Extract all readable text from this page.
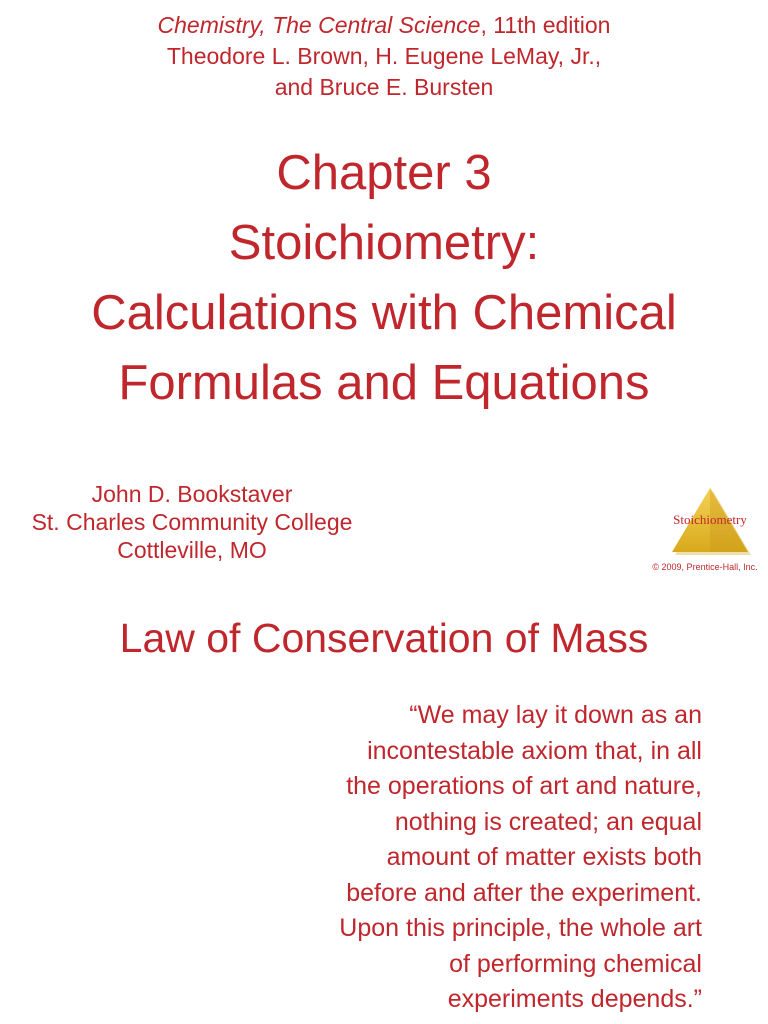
Chemistry, The Central Science, 11th edition
Theodore L. Brown, H. Eugene LeMay, Jr.,
and Bruce E. Bursten
Chapter 3
Stoichiometry:
Calculations with Chemical
Formulas and Equations
John D. Bookstaver
St. Charles Community College
Cottleville, MO
Stoichiometry
© 2009, Prentice-Hall, Inc.
Law of Conservation of Mass
“We may lay it down as an
incontestable axiom that, in all
the operations of art and nature,
nothing is created; an equal
amount of matter exists both
before and after the experiment.
Upon this principle, the whole art
of performing chemical
experiments depends.”
